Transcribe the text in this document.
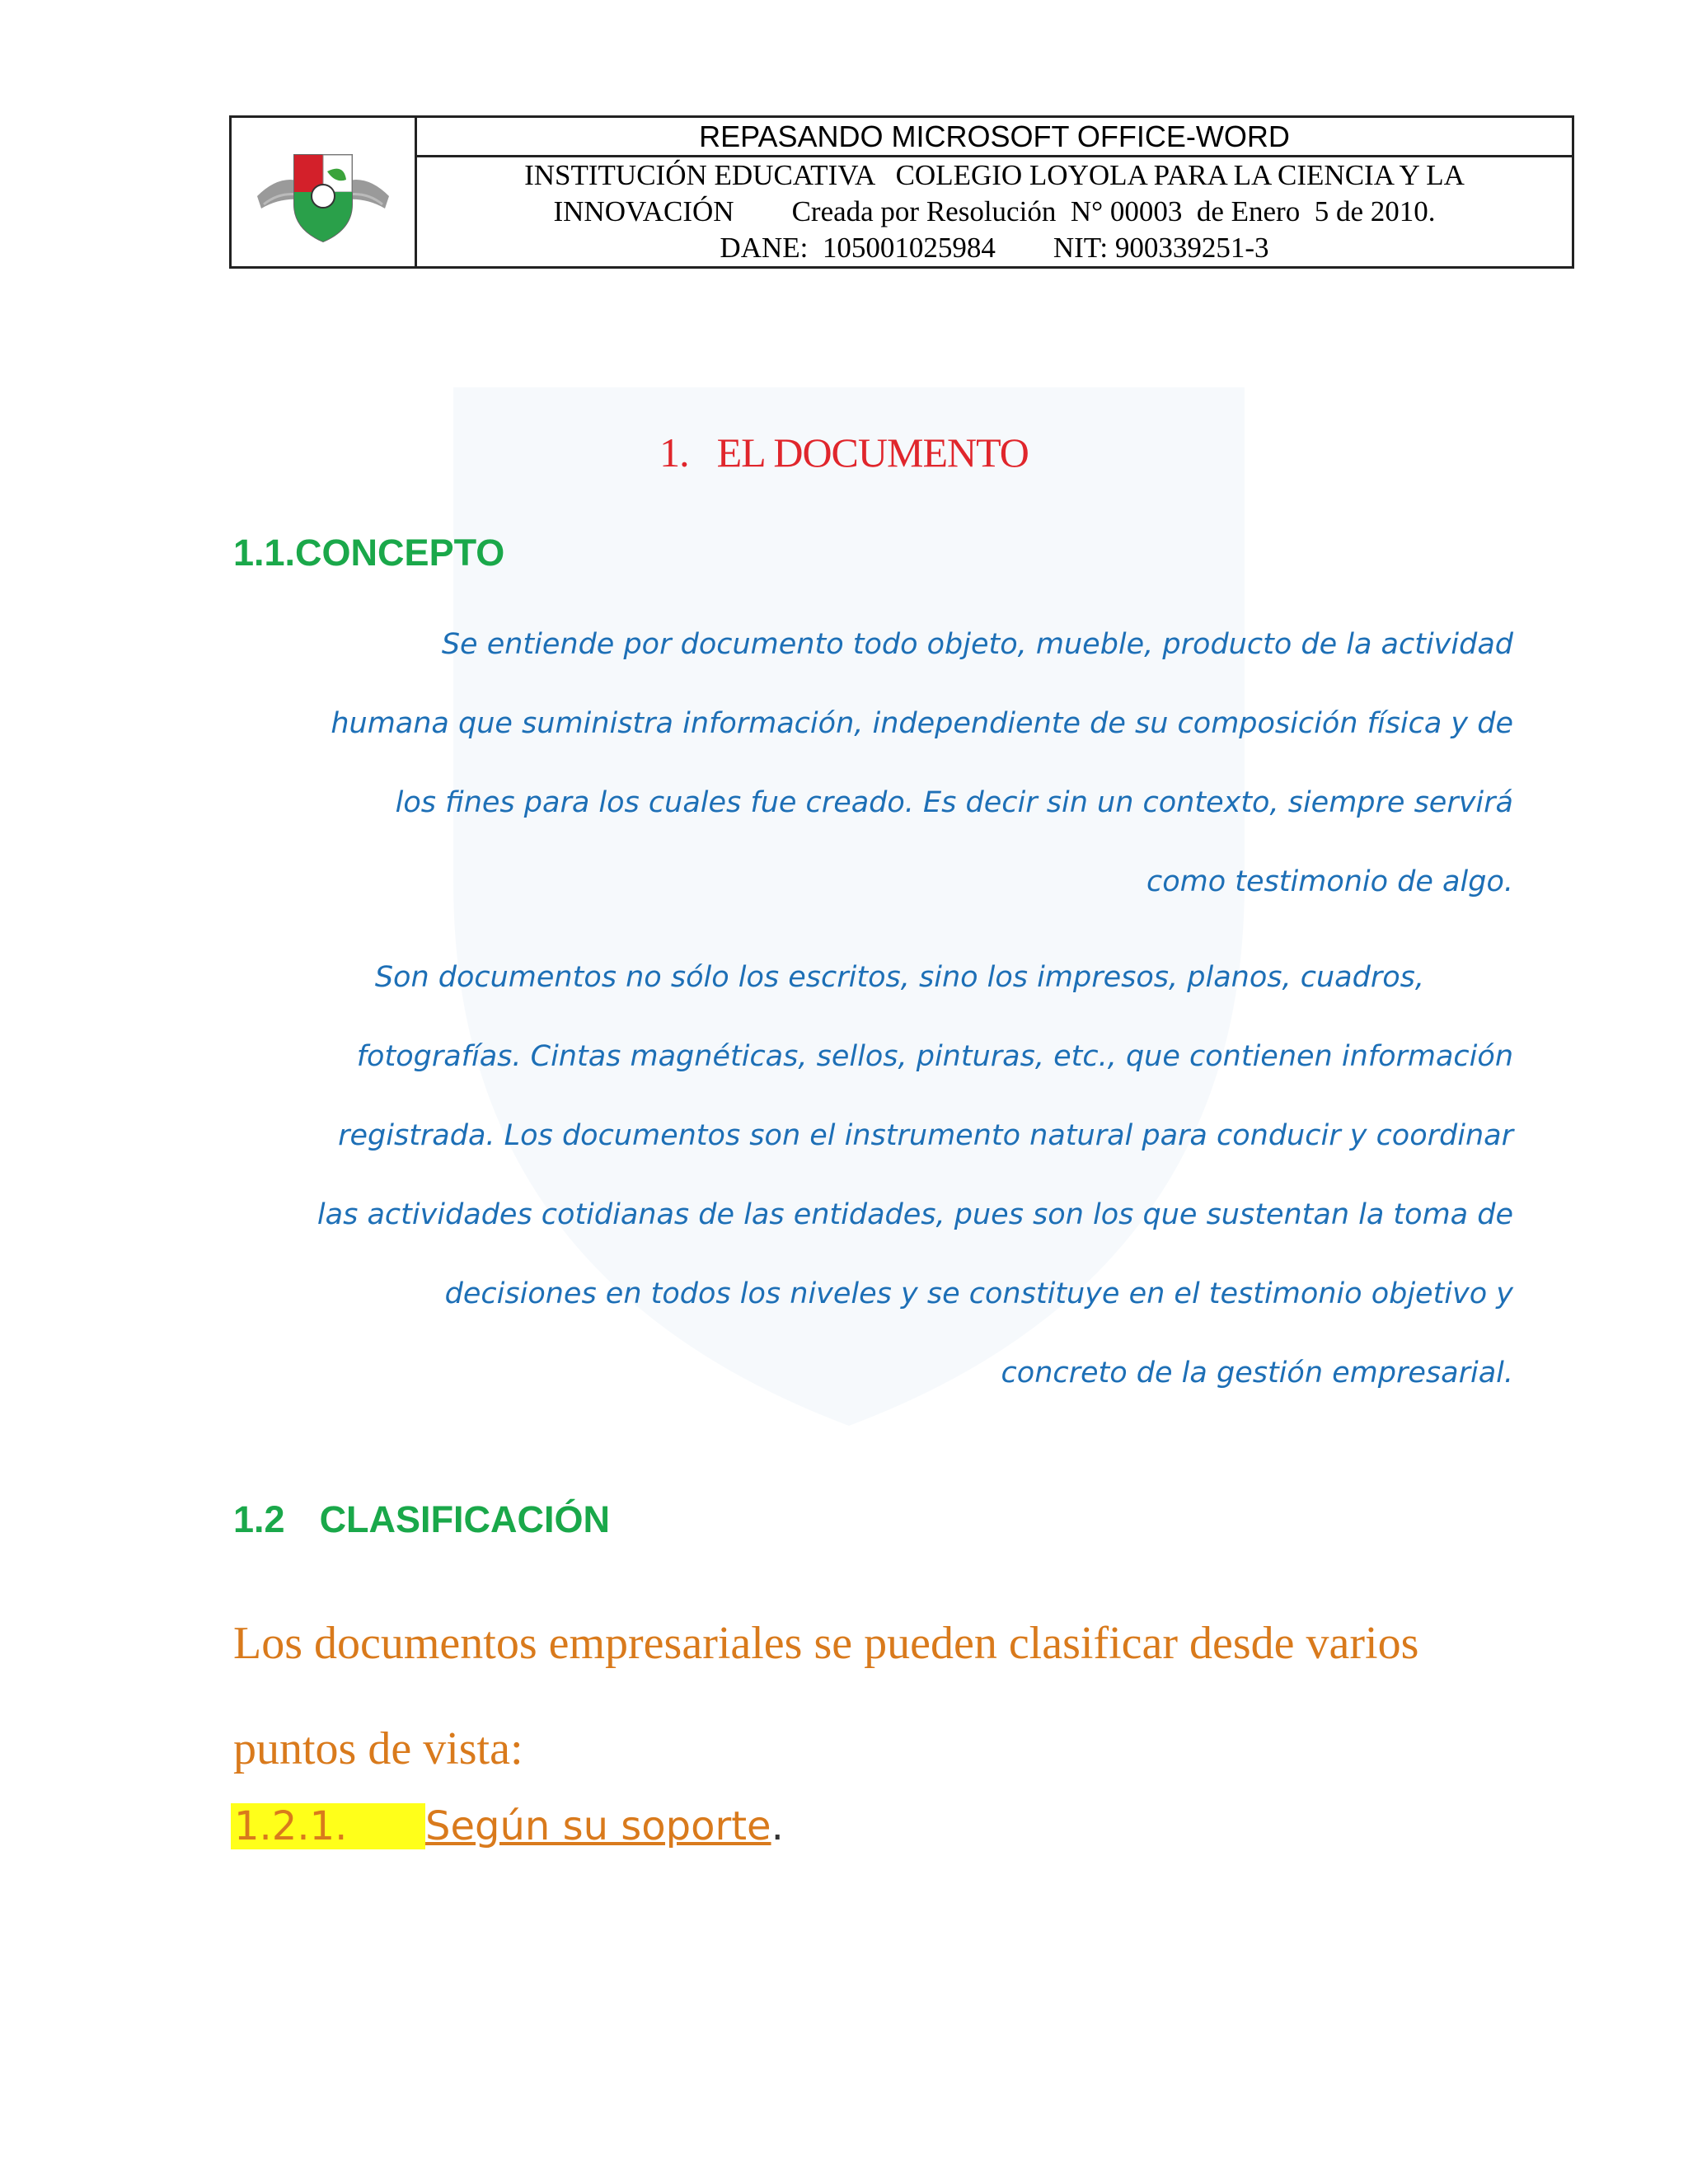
REPASANDO MICROSOFT OFFICE-WORD
INSTITUCIÓN EDUCATIVA   COLEGIO LOYOLA PARA LA CIENCIA Y LA
INNOVACIÓN        Creada por Resolución  N° 00003  de Enero  5 de 2010.
DANE:  105001025984        NIT: 900339251-3
1. EL DOCUMENTO
1.1.CONCEPTO
Se entiende por documento todo objeto, mueble, producto de la actividad
humana que suministra información, independiente de su composición física y de
los fines para los cuales fue creado. Es decir sin un contexto, siempre servirá
como testimonio de algo.
Son documentos no sólo los escritos, sino los impresos, planos, cuadros,
fotografías. Cintas magnéticas, sellos, pinturas, etc., que contienen información
registrada. Los documentos son el instrumento natural para conducir y coordinar
las actividades cotidianas de las entidades, pues son los que sustentan la toma de
decisiones en todos los niveles y se constituye en el testimonio objetivo y
concreto de la gestión empresarial.
1.2 CLASIFICACIÓN
Los documentos empresariales se pueden clasificar desde varios
puntos de vista:
1.2.1. Según su soporte.
